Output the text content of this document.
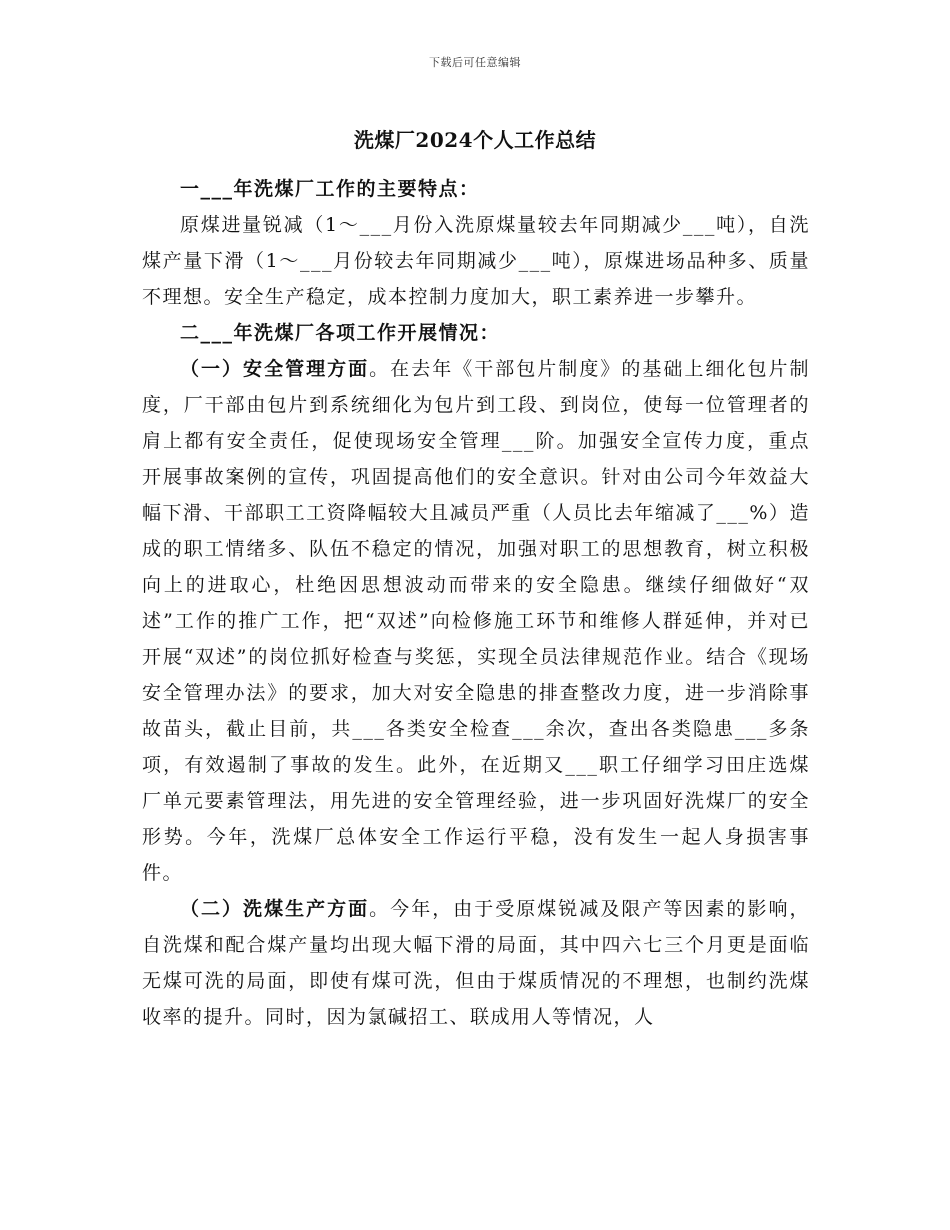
下载后可任意编辑
洗煤厂2024个人工作总结

一___年洗煤厂工作的主要特点：

原煤进量锐减（1～___月份入洗原煤量较去年同期减少___吨），自洗煤产量下滑（1～___月份较去年同期减少___吨），原煤进场品种多、质量不理想。安全生产稳定，成本控制力度加大，职工素养进一步攀升。

二___年洗煤厂各项工作开展情况：

（一）安全管理方面。在去年《干部包片制度》的基础上细化包片制度，厂干部由包片到系统细化为包片到工段、到岗位，使每一位管理者的肩上都有安全责任，促使现场安全管理___阶。加强安全宣传力度，重点开展事故案例的宣传，巩固提高他们的安全意识。针对由公司今年效益大幅下滑、干部职工工资降幅较大且减员严重（人员比去年缩减了___%）造成的职工情绪多、队伍不稳定的情况，加强对职工的思想教育，树立积极向上的进取心，杜绝因思想波动而带来的安全隐患。继续仔细做好“双述”工作的推广工作，把“双述”向检修施工环节和维修人群延伸，并对已开展“双述”的岗位抓好检查与奖惩，实现全员法律规范作业。结合《现场安全管理办法》的要求，加大对安全隐患的排查整改力度，进一步消除事故苗头，截止目前，共___各类安全检查___余次，查出各类隐患___多条项，有效遏制了事故的发生。此外，在近期又___职工仔细学习田庄选煤厂单元要素管理法，用先进的安全管理经验，进一步巩固好洗煤厂的安全形势。今年，洗煤厂总体安全工作运行平稳，没有发生一起人身损害事件。

（二）洗煤生产方面。今年，由于受原煤锐减及限产等因素的影响，自洗煤和配合煤产量均出现大幅下滑的局面，其中四六七三个月更是面临无煤可洗的局面，即使有煤可洗，但由于煤质情况的不理想，也制约洗煤收率的提升。同时，因为氯碱招工、联成用人等情况，人
